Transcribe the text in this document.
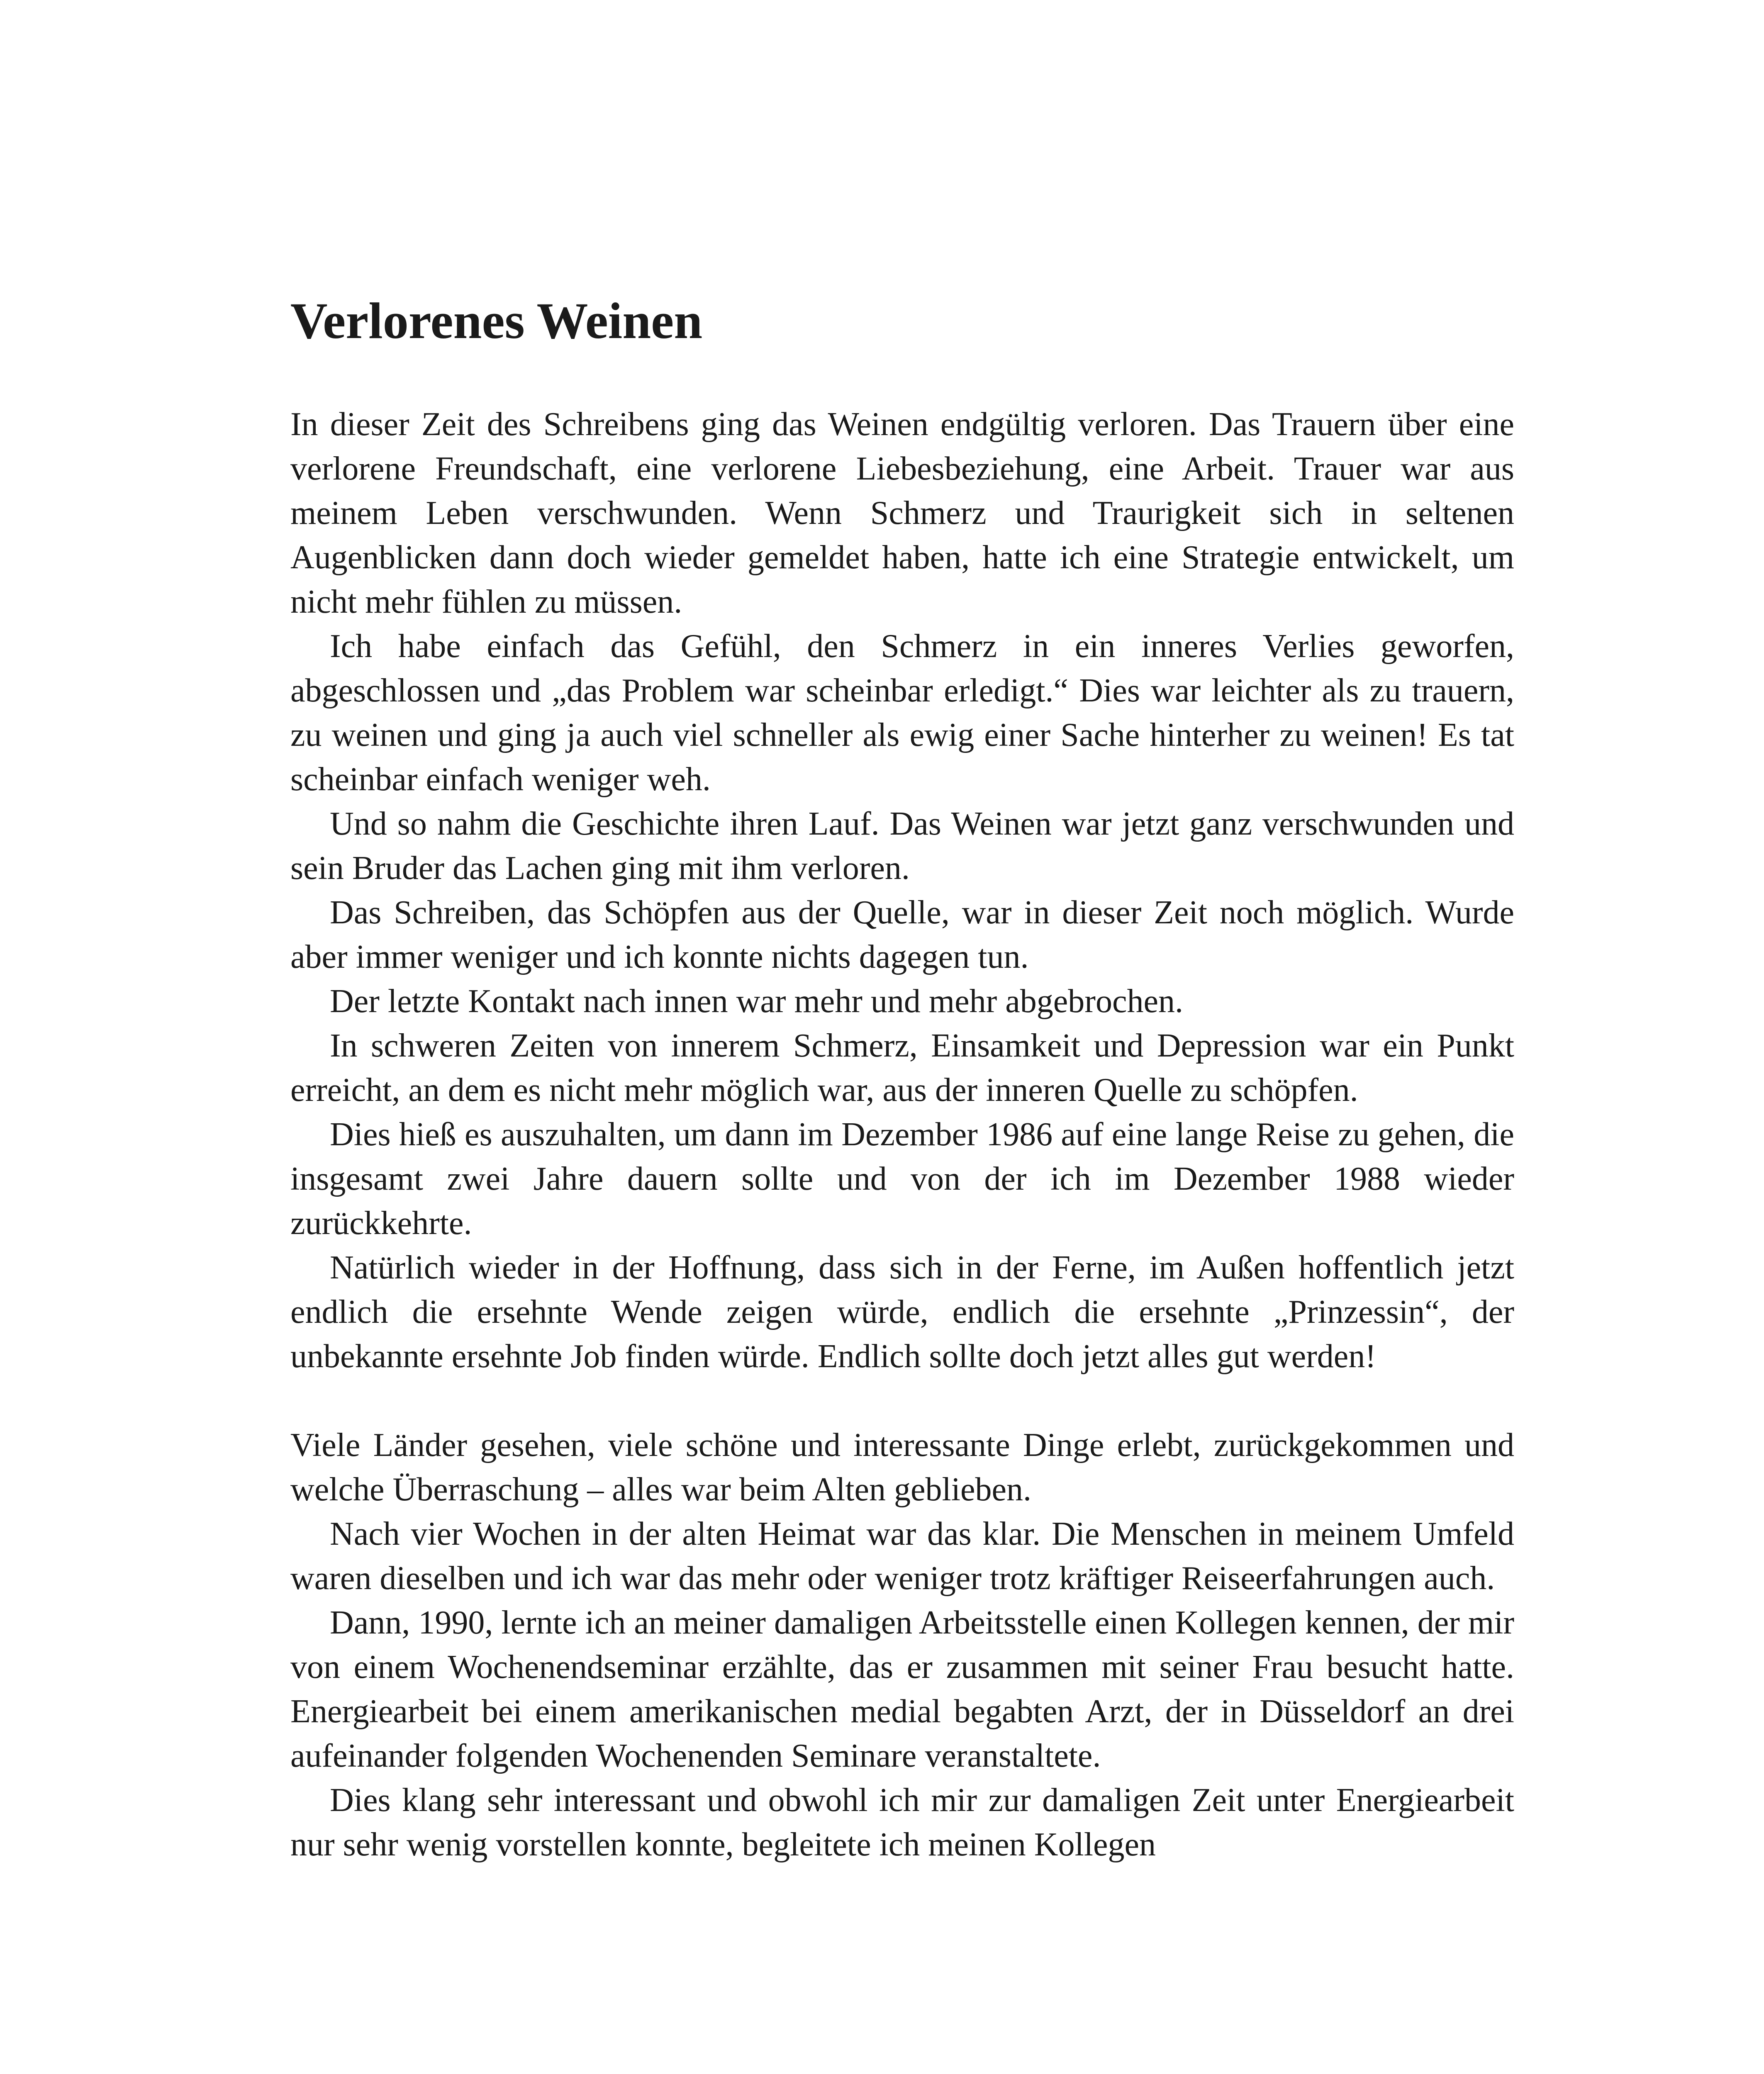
Verlorenes Weinen

In dieser Zeit des Schreibens ging das Weinen endgültig verloren. Das Trauern über eine verlorene Freundschaft, eine verlorene Liebesbeziehung, eine Arbeit. Trauer war aus meinem Leben verschwunden. Wenn Schmerz und Traurigkeit sich in seltenen Augenblicken dann doch wieder gemeldet haben, hatte ich eine Strategie entwickelt, um nicht mehr fühlen zu müssen.

Ich habe einfach das Gefühl, den Schmerz in ein inneres Verlies geworfen, abgeschlossen und „das Problem war scheinbar erledigt.“ Dies war leichter als zu trauern, zu weinen und ging ja auch viel schneller als ewig einer Sache hinterher zu weinen! Es tat scheinbar einfach weniger weh.

Und so nahm die Geschichte ihren Lauf. Das Weinen war jetzt ganz verschwunden und sein Bruder das Lachen ging mit ihm verloren.

Das Schreiben, das Schöpfen aus der Quelle, war in dieser Zeit noch möglich. Wurde aber immer weniger und ich konnte nichts dagegen tun.

Der letzte Kontakt nach innen war mehr und mehr abgebrochen.

In schweren Zeiten von innerem Schmerz, Einsamkeit und Depression war ein Punkt erreicht, an dem es nicht mehr möglich war, aus der inneren Quelle zu schöpfen.

Dies hieß es auszuhalten, um dann im Dezember 1986 auf eine lange Reise zu gehen, die insgesamt zwei Jahre dauern sollte und von der ich im Dezember 1988 wieder zurückkehrte.

Natürlich wieder in der Hoffnung, dass sich in der Ferne, im Außen hoffentlich jetzt endlich die ersehnte Wende zeigen würde, endlich die ersehnte „Prinzessin“, der unbekannte ersehnte Job finden würde. Endlich sollte doch jetzt alles gut werden!

Viele Länder gesehen, viele schöne und interessante Dinge erlebt, zurückgekommen und welche Überraschung – alles war beim Alten geblieben.

Nach vier Wochen in der alten Heimat war das klar. Die Menschen in meinem Umfeld waren dieselben und ich war das mehr oder weniger trotz kräftiger Reiseerfahrungen auch.

Dann, 1990, lernte ich an meiner damaligen Arbeitsstelle einen Kollegen kennen, der mir von einem Wochenendseminar erzählte, das er zusammen mit seiner Frau besucht hatte. Energiearbeit bei einem amerikanischen medial begabten Arzt, der in Düsseldorf an drei aufeinander folgenden Wochenenden Seminare veranstaltete.

Dies klang sehr interessant und obwohl ich mir zur damaligen Zeit unter Energiearbeit nur sehr wenig vorstellen konnte, begleitete ich meinen Kollegen
